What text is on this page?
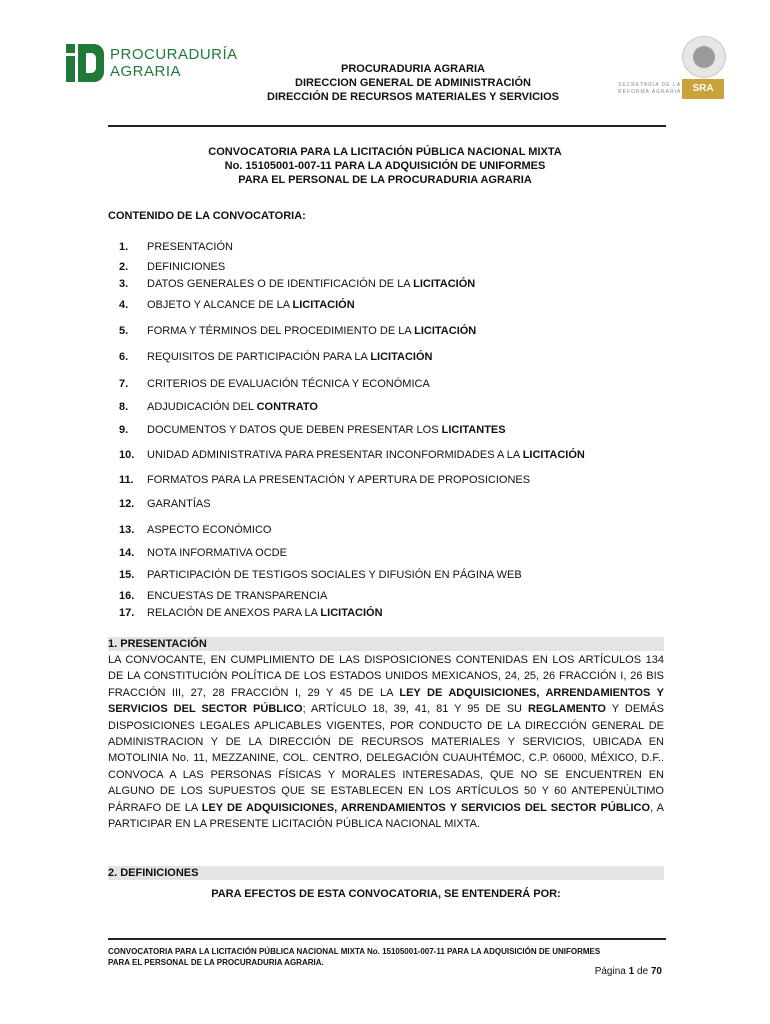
PROCURADURÍA
AGRARIA	PROCURADURIA AGRARIA
DIRECCION GENERAL DE ADMINISTRACIÓN
DIRECCIÓN DE RECURSOS MATERIALES Y SERVICIOS
SECRETARÍA DE LA
REFORMA AGRARIA	SRA
CONVOCATORIA PARA LA LICITACIÓN PÚBLICA NACIONAL MIXTA
No. 15105001-007-11 PARA LA ADQUISICIÓN DE UNIFORMES
PARA EL PERSONAL DE LA PROCURADURIA AGRARIA
CONTENIDO DE LA CONVOCATORIA:
1. PRESENTACIÓN
2. DEFINICIONES
3. DATOS GENERALES O DE IDENTIFICACIÓN DE LA LICITACIÓN
4. OBJETO Y ALCANCE DE LA LICITACIÓN
5. FORMA Y TÉRMINOS DEL PROCEDIMIENTO DE LA LICITACIÓN
6. REQUISITOS DE PARTICIPACIÓN PARA LA LICITACIÓN
7. CRITERIOS DE EVALUACIÓN TÉCNICA Y ECONÓMICA
8. ADJUDICACIÓN DEL CONTRATO
9. DOCUMENTOS Y DATOS QUE DEBEN PRESENTAR LOS LICITANTES
10. UNIDAD ADMINISTRATIVA PARA PRESENTAR INCONFORMIDADES A LA LICITACIÓN
11. FORMATOS PARA LA PRESENTACIÓN Y APERTURA DE PROPOSICIONES
12. GARANTÍAS
13. ASPECTO ECONÓMICO
14. NOTA INFORMATIVA OCDE
15. PARTICIPACIÓN DE TESTIGOS SOCIALES Y DIFUSIÓN EN PÁGINA WEB
16. ENCUESTAS DE TRANSPARENCIA
17. RELACIÓN DE ANEXOS PARA LA LICITACIÓN
1. PRESENTACIÓN
LA CONVOCANTE, EN CUMPLIMIENTO DE LAS DISPOSICIONES CONTENIDAS EN LOS ARTÍCULOS 134 DE LA CONSTITUCIÓN POLÍTICA DE LOS ESTADOS UNIDOS MEXICANOS, 24, 25, 26 FRACCIÓN I, 26 BIS FRACCIÓN III, 27, 28 FRACCIÓN I, 29 Y 45 DE LA LEY DE ADQUISICIONES, ARRENDAMIENTOS Y SERVICIOS DEL SECTOR PÚBLICO; ARTÍCULO 18, 39, 41, 81 Y 95 DE SU REGLAMENTO Y DEMÁS DISPOSICIONES LEGALES APLICABLES VIGENTES, POR CONDUCTO DE LA DIRECCIÓN GENERAL DE ADMINISTRACION Y DE LA DIRECCIÓN DE RECURSOS MATERIALES Y SERVICIOS, UBICADA EN MOTOLINIA No. 11, MEZZANINE, COL. CENTRO, DELEGACIÓN CUAUHTÉMOC, C.P. 06000, MÉXICO, D.F.. CONVOCA A LAS PERSONAS FÍSICAS Y MORALES INTERESADAS, QUE NO SE ENCUENTREN EN ALGUNO DE LOS SUPUESTOS QUE SE ESTABLECEN EN LOS ARTÍCULOS 50 Y 60 ANTEPENÚLTIMO PÁRRAFO DE LA LEY DE ADQUISICIONES, ARRENDAMIENTOS Y SERVICIOS DEL SECTOR PÚBLICO, A PARTICIPAR EN LA PRESENTE LICITACIÓN PÚBLICA NACIONAL MIXTA.
2. DEFINICIONES
PARA EFECTOS DE ESTA CONVOCATORIA, SE ENTENDERÁ POR:
CONVOCATORIA PARA LA LICITACIÓN PÚBLICA NACIONAL MIXTA No. 15105001-007-11 PARA LA ADQUISICIÓN DE UNIFORMES
PARA EL PERSONAL DE LA PROCURADURIA AGRARIA.
Página 1 de 70
